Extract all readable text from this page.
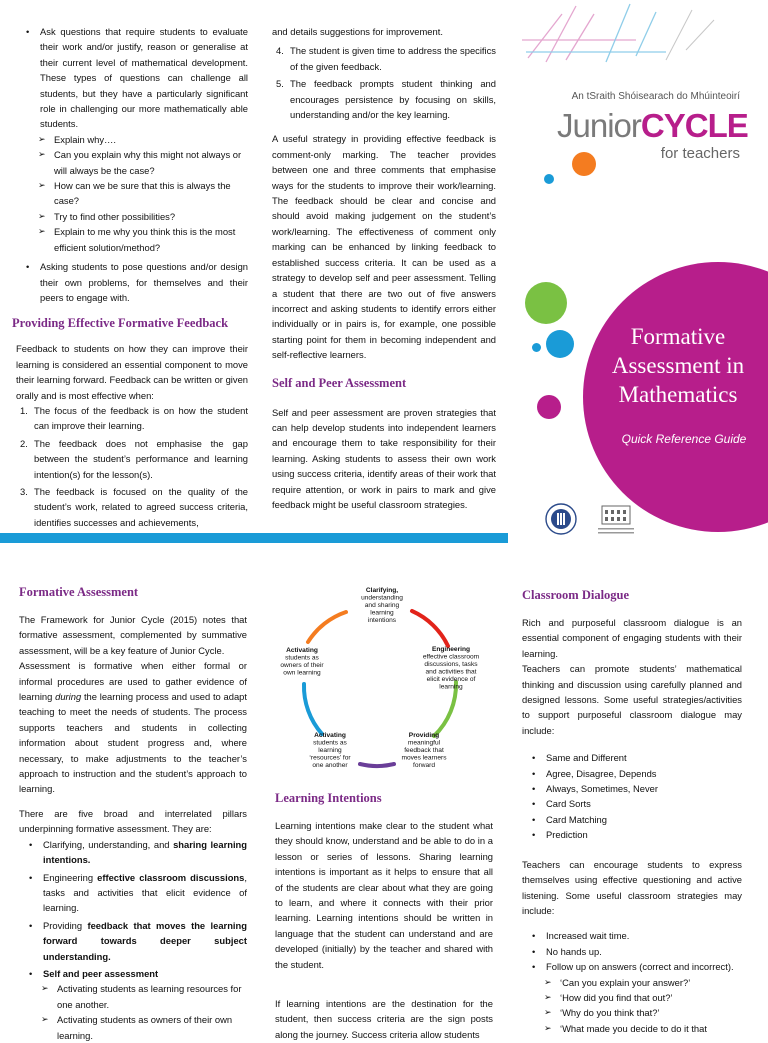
• Ask questions that require students to evaluate their work and/or justify, reason or generalise at their current level of mathematical development. These types of questions can challenge all students, but they have a particularly significant role in challenging our more mathematically able students.
➢ Explain why….
➢ Can you explain why this might not always or will always be the case?
➢ How can we be sure that this is always the case?
➢ Try to find other possibilities?
➢ Explain to me why you think this is the most efficient solution/method?
• Asking students to pose questions and/or design their own problems, for themselves and their peers to engage with.
Providing Effective Formative Feedback

Feedback to students on how they can improve their learning is considered an essential component to move their learning forward. Feedback can be written or given orally and is most effective when:

1. The focus of the feedback is on how the student can improve their learning.
2. The feedback does not emphasise the gap between the student’s performance and learning intention(s) for the lesson(s).
3. The feedback is focused on the quality of the student’s work, related to agreed success criteria, identifies successes and achievements,

and details suggestions for improvement.

4. The student is given time to address the specifics of the given feedback.
5. The feedback prompts student thinking and encourages persistence by focusing on skills, understanding and/or the key learning.

A useful strategy in providing effective feedback is comment-only marking. The teacher provides between one and three comments that emphasise ways for the students to improve their work/learning. The feedback should be clear and concise and should avoid making judgement on the student’s work/learning. The effectiveness of comment only marking can be enhanced by linking feedback to established success criteria. It can be used as a strategy to develop self and peer assessment. Telling a student that there are two out of five answers incorrect and asking students to identify errors either individually or in pairs is, for example, one possible starting point for them in becoming independent and self-reflective learners.

Self and Peer Assessment

Self and peer assessment are proven strategies that can help develop students into independent learners and encourage them to take responsibility for their learning. Asking students to assess their own work using success criteria, identify areas of their work that require attention, or work in pairs to mark and give feedback might be useful classroom strategies.

An tSraith Shóisearach do Mhúinteoirí
JuniorCYCLE
for teachers
Formative
Assessment in
Mathematics
Quick Reference Guide
Formative Assessment

The Framework for Junior Cycle (2015) notes that formative assessment, complemented by summative assessment, will be a key feature of Junior Cycle.

Assessment is formative when either formal or informal procedures are used to gather evidence of learning during the learning process and used to adapt teaching to meet the needs of students. The process supports teachers and students in collecting information about student progress and, where necessary, to make adjustments to the teacher’s approach to instruction and the student’s approach to learning.

There are five broad and interrelated pillars underpinning formative assessment. They are:

• Clarifying, understanding, and sharing learning intentions.
• Engineering effective classroom discussions, tasks and activities that elicit evidence of learning.
• Providing feedback that moves the learning forward towards deeper subject understanding.
• Self and peer assessment
➢ Activating students as learning resources for one another.
➢ Activating students as owners of their own learning.
Clarifying,
understanding
and sharing
learning
intentions
Engineering
effective classroom
discussions, tasks
and activities that
elicit evidence of
learning
Providing
meaningful
feedback that
moves learners
forward
Activating
students as
learning
‘resources’ for
one another
Activating
students as
owners of their
own learning
Learning Intentions

Learning intentions make clear to the student what they should know, understand and be able to do in a lesson or series of lessons. Sharing learning intentions is important as it helps to ensure that all of the students are clear about what they are going to learn, and where it connects with their prior learning. Learning intentions should be written in language that the student can understand and are developed (initially) by the teacher and shared with the student.

If learning intentions are the destination for the student, then success criteria are the sign posts along the journey. Success criteria allow students

Classroom Dialogue

Rich and purposeful classroom dialogue is an essential component of engaging students with their learning.

Teachers can promote students’ mathematical thinking and discussion using carefully planned and designed lessons. Some useful strategies/activities to support purposeful classroom dialogue may include:

• Same and Different
• Agree, Disagree, Depends
• Always, Sometimes, Never
• Card Sorts
• Card Matching
• Prediction

Teachers can encourage students to express themselves using effective questioning and active listening. Some useful classroom strategies may include:

• Increased wait time.
• No hands up.
• Follow up on answers (correct and incorrect).
➢ ‘Can you explain your answer?’
➢ ‘How did you find that out?’
➢ ‘Why do you think that?’
➢ ‘What made you decide to do it that
